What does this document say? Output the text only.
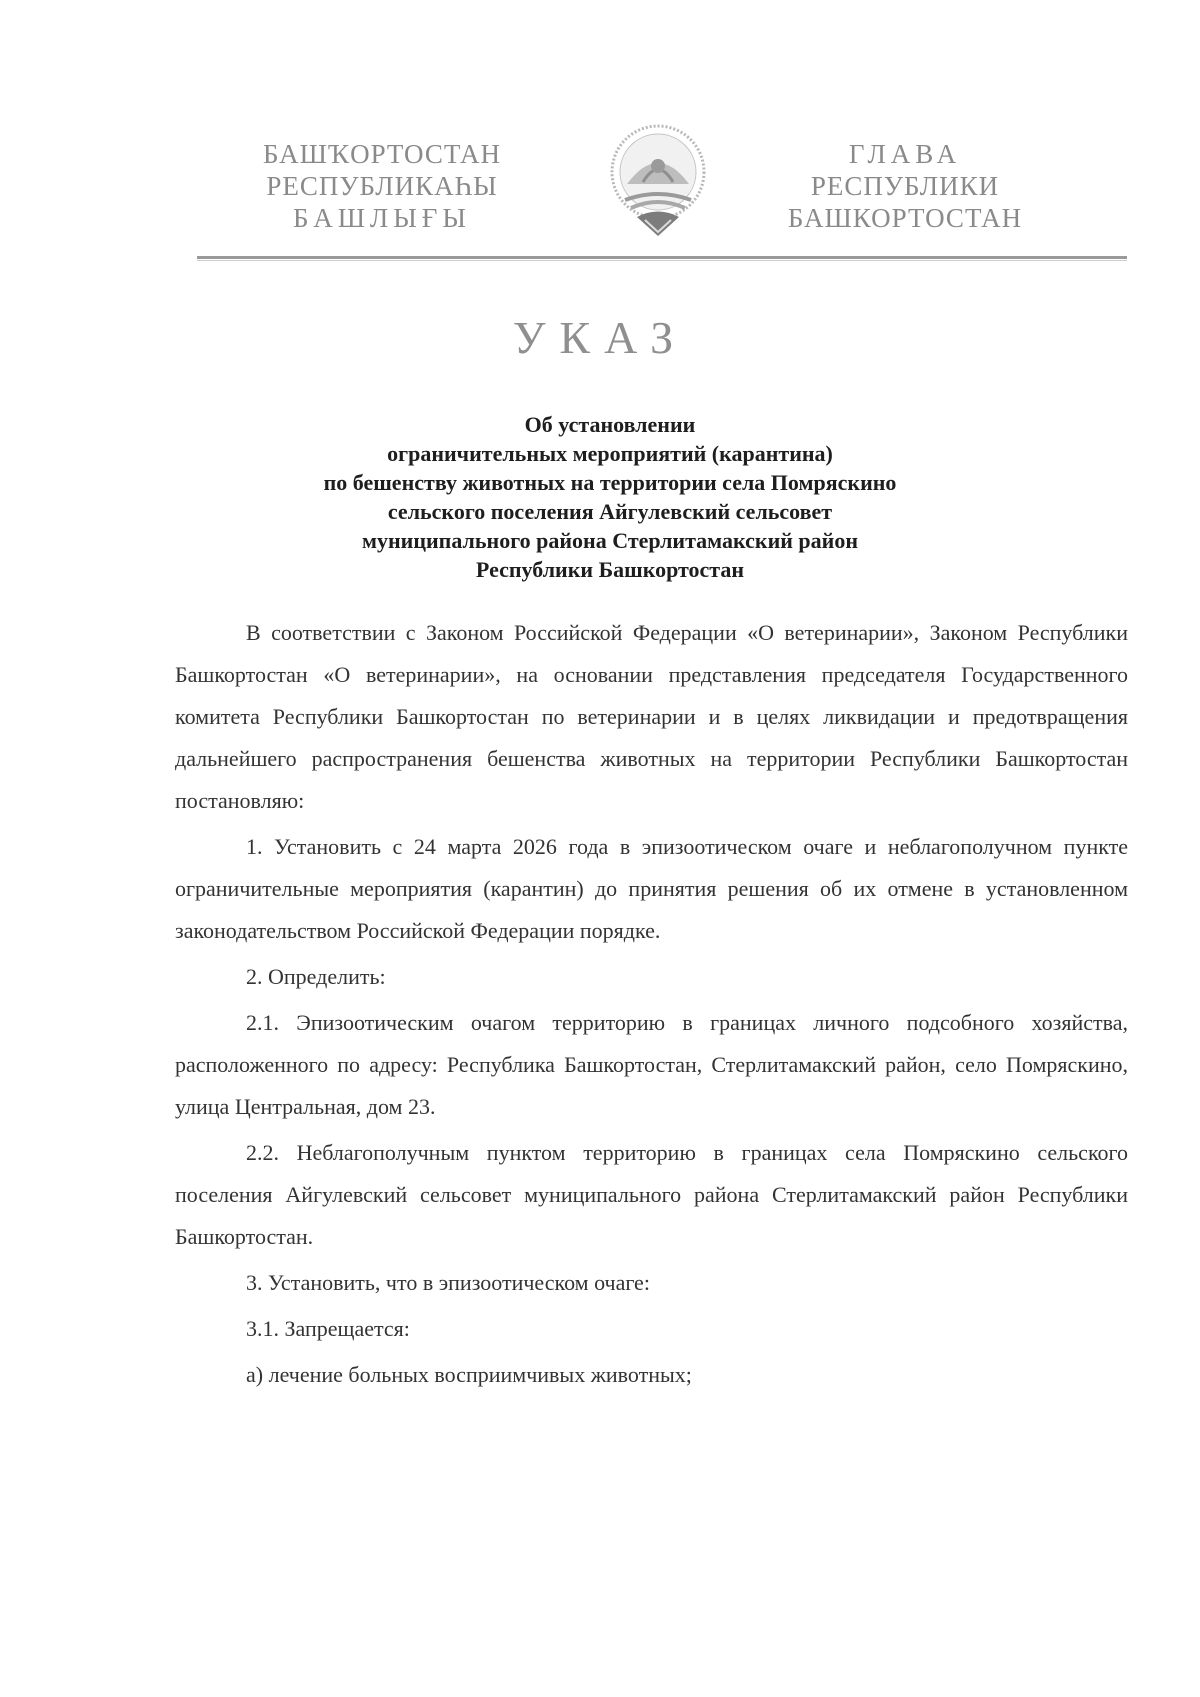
БАШҠОРТОСТАН
РЕСПУБЛИКАҺЫ
БАШЛЫҒЫ
ГЛАВА
РЕСПУБЛИКИ
БАШКОРТОСТАН
УКАЗ
Об установлении
ограничительных мероприятий (карантина)
по бешенству животных на территории села Помряскино
сельского поселения Айгулевский сельсовет
муниципального района Стерлитамакский район
Республики Башкортостан

В соответствии с Законом Российской Федерации «О ветеринарии», Законом Республики Башкортостан «О ветеринарии», на основании представления председателя Государственного комитета Республики Башкортостан по ветеринарии и в целях ликвидации и предотвращения дальнейшего распространения бешенства животных на территории Республики Башкортостан постановляю:

1. Установить с 24 марта 2026 года в эпизоотическом очаге и неблагополучном пункте ограничительные мероприятия (карантин) до принятия решения об их отмене в установленном законодательством Российской Федерации порядке.

2. Определить:

2.1. Эпизоотическим очагом территорию в границах личного подсобного хозяйства, расположенного по адресу: Республика Башкортостан, Стерлитамакский район, село Помряскино, улица Центральная, дом 23.

2.2. Неблагополучным пунктом территорию в границах села Помряскино сельского поселения Айгулевский сельсовет муниципального района Стерлитамакский район Республики Башкортостан.

3. Установить, что в эпизоотическом очаге:

3.1. Запрещается:

а) лечение больных восприимчивых животных;
